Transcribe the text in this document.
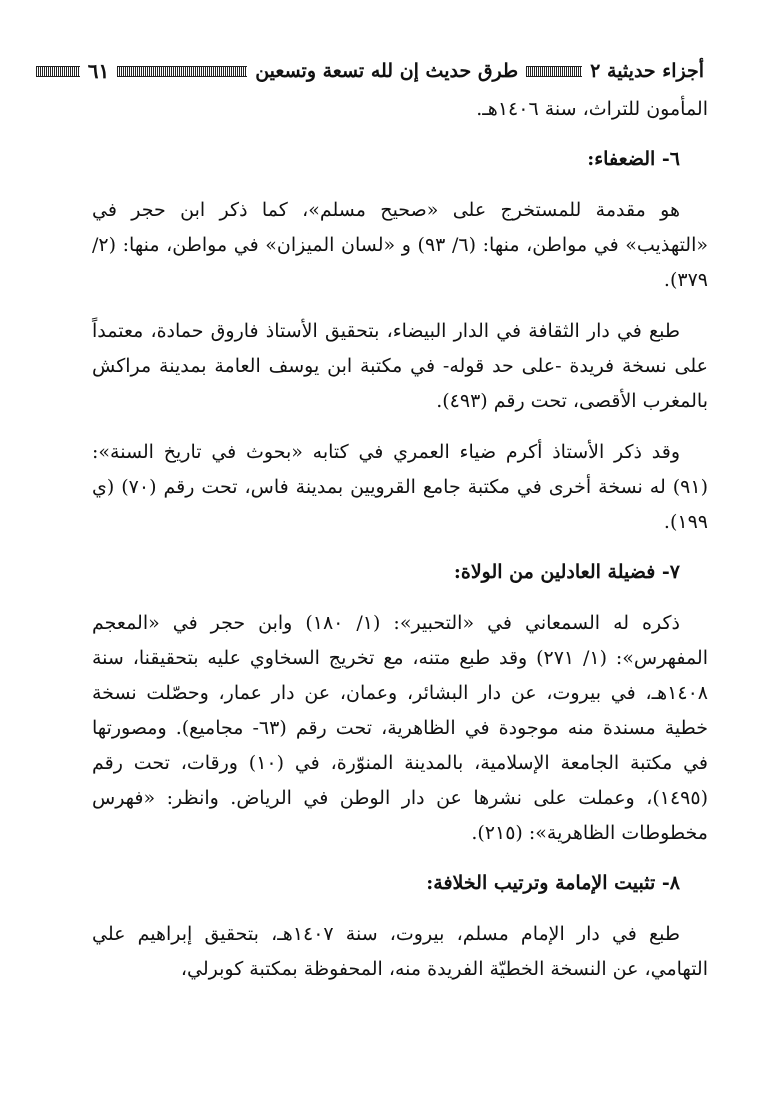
أجزاء حديثية ٢
طرق حديث إن لله تسعة وتسعين
٦١

المأمون للتراث، سنة ١٤٠٦هـ.

٦- الضعفاء:

هو مقدمة للمستخرج على «صحيح مسلم»، كما ذكر ابن حجر في «التهذيب» في مواطن، منها: (٦/ ٩٣) و «لسان الميزان» في مواطن، منها: (٢/ ٣٧٩).

طبع في دار الثقافة في الدار البيضاء، بتحقيق الأستاذ فاروق حمادة، معتمداً على نسخة فريدة -على حد قوله- في مكتبة ابن يوسف العامة بمدينة مراكش بالمغرب الأقصى، تحت رقم (٤٩٣).

وقد ذكر الأستاذ أكرم ضياء العمري في كتابه «بحوث في تاريخ السنة»: (٩١) له نسخة أخرى في مكتبة جامع القرويين بمدينة فاس، تحت رقم (٧٠) (ي ١٩٩).

٧- فضيلة العادلين من الولاة:

ذكره له السمعاني في «التحبير»: (١/ ١٨٠) وابن حجر في «المعجم المفهرس»: (١/ ٢٧١) وقد طبع متنه، مع تخريج السخاوي عليه بتحقيقنا، سنة ١٤٠٨هـ، في بيروت، عن دار البشائر، وعمان، عن دار عمار، وحصّلت نسخة خطية مسندة منه موجودة في الظاهرية، تحت رقم (٦٣- مجاميع). ومصورتها في مكتبة الجامعة الإسلامية، بالمدينة المنوّرة، في (١٠) ورقات، تحت رقم (١٤٩٥)، وعملت على نشرها عن دار الوطن في الرياض. وانظر: «فهرس مخطوطات الظاهرية»: (٢١٥).

٨- تثبيت الإمامة وترتيب الخلافة:

طبع في دار الإمام مسلم، بيروت، سنة ١٤٠٧هـ، بتحقيق إبراهيم علي التهامي، عن النسخة الخطيّة الفريدة منه، المحفوظة بمكتبة كوبرلي،
